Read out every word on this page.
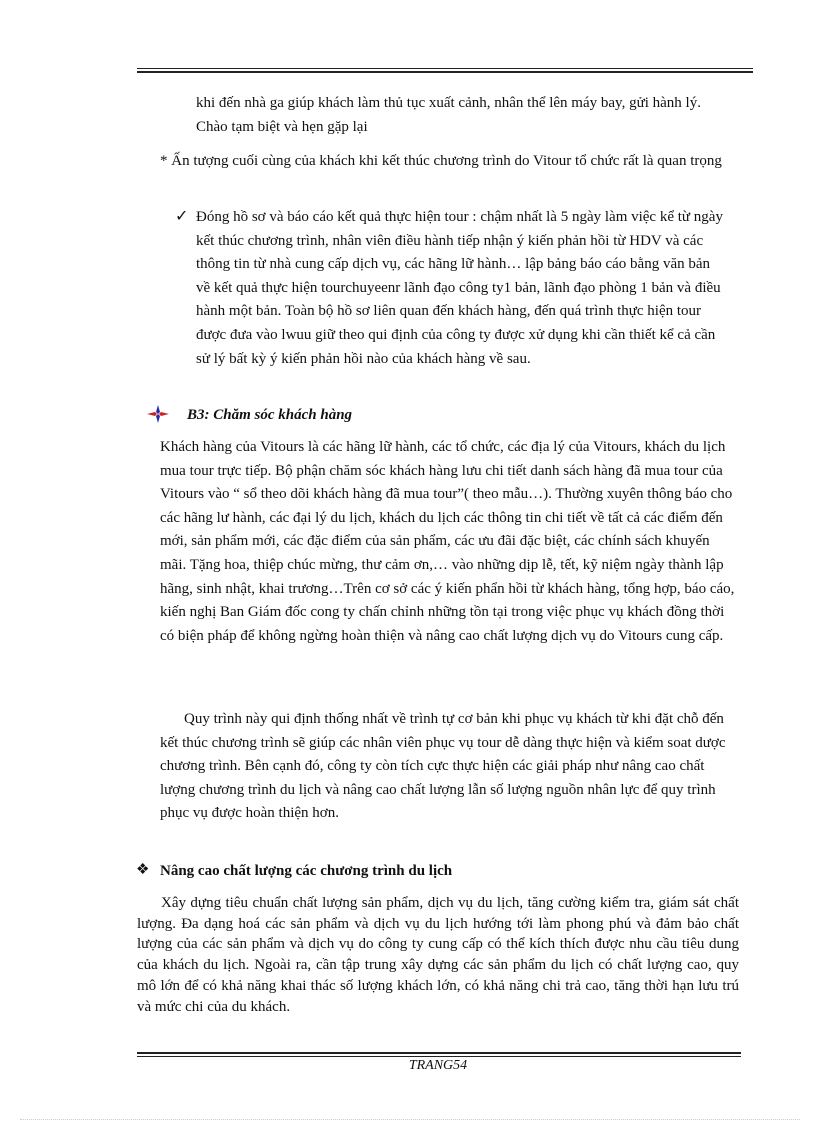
khi đến nhà ga giúp khách làm thủ tục xuất cảnh, nhân thể lên máy bay, gửi hành lý. Chào tạm biệt và hẹn gặp lại

* Ấn tượng cuối cùng của khách khi kết thúc chương trình do Vitour tổ chức rất là quan trọng

✓ Đóng hồ sơ và báo cáo kết quả thực hiện tour : chậm nhất là 5 ngày làm việc kể từ ngày kết thúc chương trình, nhân viên điều hành tiếp nhận ý kiến phản hồi từ HDV và các thông tin từ nhà cung cấp dịch vụ, các hãng lữ hành… lập bảng báo cáo bằng văn bản về kết quả thực hiện tourchuyeenr lãnh đạo công ty1 bản, lãnh đạo phòng 1 bản và điều hành một bản. Toàn bộ hồ sơ liên quan đến khách hàng, đến quá trình thực hiện tour được đưa vào lwuu giữ theo qui định của công ty được xử dụng khi cần thiết kể cả cần sử lý bất kỳ ý kiến phản hồi nào của khách hàng về sau.

B3: Chăm sóc khách hàng

Khách hàng của Vitours là các hãng lữ hành, các tổ chức, các địa lý của Vitours, khách du lịch mua tour trực tiếp. Bộ phận chăm sóc khách hàng lưu chi tiết danh sách hàng đã mua tour của Vitours vào “ sổ theo dõi khách hàng đã mua tour”( theo mẫu…). Thường xuyên thông báo cho các hãng lư hành, các đại lý du lịch, khách du lịch các thông tin chi tiết về tất cả các điểm đến mới, sản phẩm mới, các đặc điểm của sản phẩm, các ưu đãi đặc biệt, các chính sách khuyến mãi. Tặng hoa, thiệp chúc mừng, thư cảm ơn,… vào những dịp lễ, tết, kỹ niệm ngày thành lập hãng, sinh nhật, khai trương…Trên cơ sở các ý kiến phẩn hồi từ khách hàng, tổng hợp, báo cáo, kiến nghị Ban Giám đốc cong ty chấn chỉnh những tồn tại trong việc phục vụ khách đồng thời có biện pháp để không ngừng hoàn thiện và nâng cao chất lượng dịch vụ do Vitours cung cấp.

Quy trình này qui định thống nhất về trình tự cơ bản khi phục vụ khách từ khi đặt chỗ đến kết thúc chương trình sẽ giúp các nhân viên phục vụ tour dễ dàng thực hiện và kiểm soat dược chương trình. Bên cạnh đó, công ty còn tích cực thực hiện các giải pháp như nâng cao chất lượng chương trình du lịch và nâng cao chất lượng lẫn số lượng nguồn nhân lực để quy trình phục vụ được hoàn thiện hơn.

❖ Nâng cao chất lượng các chương trình du lịch

Xây dựng tiêu chuẩn chất lượng sản phẩm, dịch vụ du lịch, tăng cường kiểm tra, giám sát chất lượng. Đa dạng hoá các sản phẩm và dịch vụ du lịch hướng tới làm phong phú và đảm bảo chất lượng của các sản phẩm và dịch vụ do công ty cung cấp có thể kích thích được nhu cầu tiêu dung của khách du lịch. Ngoài ra, cần tập trung xây dựng các sản phẩm du lịch có chất lượng cao, quy mô lớn để có khả năng khai thác số lượng khách lớn, có khả năng chi trả cao, tăng thời hạn lưu trú và mức chi của du khách.

TRANG54
